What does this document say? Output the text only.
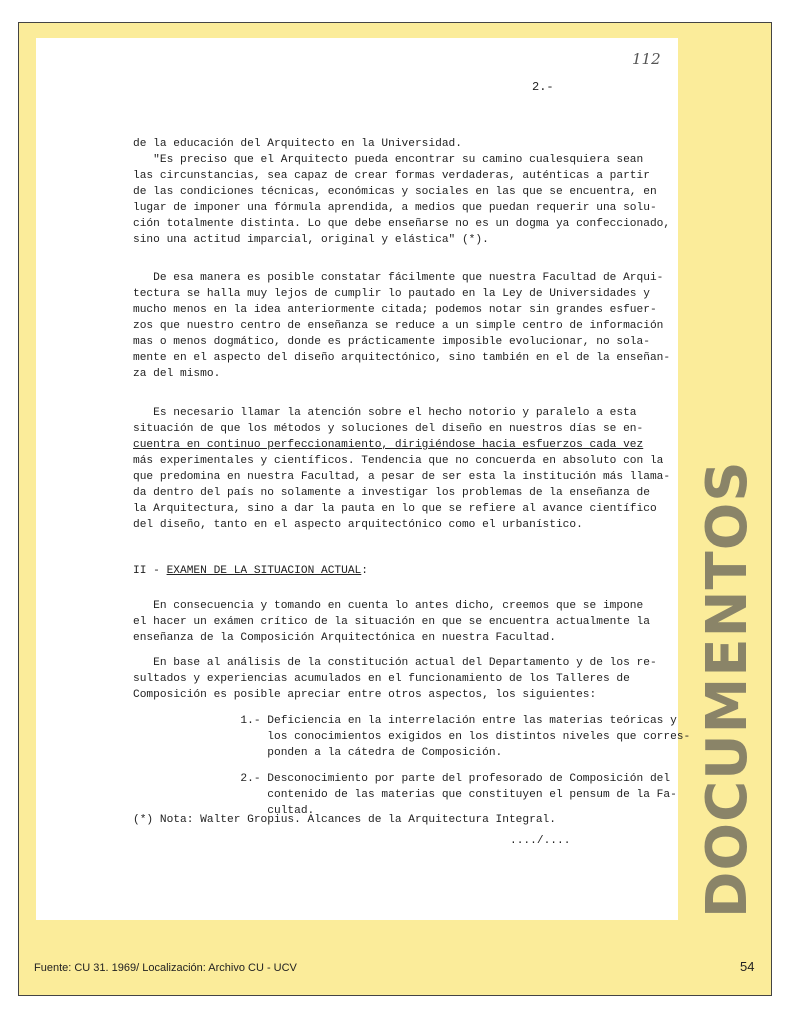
112
2.-

de la educación del Arquitecto en la Universidad.
"Es preciso que el Arquitecto pueda encontrar su camino cualesquiera sean
las circunstancias, sea capaz de crear formas verdaderas, auténticas a partir
de las condiciones técnicas, económicas y sociales en las que se encuentra, en
lugar de imponer una fórmula aprendida, a medios que puedan requerir una solu-
ción totalmente distinta. Lo que debe enseñarse no es un dogma ya confeccionado,
sino una actitud imparcial, original y elástica" (*).

De esa manera es posible constatar fácilmente que nuestra Facultad de Arqui-
tectura se halla muy lejos de cumplir lo pautado en la Ley de Universidades y
mucho menos en la idea anteriormente citada; podemos notar sin grandes esfuer-
zos que nuestro centro de enseñanza se reduce a un simple centro de información
mas o menos dogmático, donde es prácticamente imposible evolucionar, no sola-
mente en el aspecto del diseño arquitectónico, sino también en el de la enseñan-
za del mismo.

Es necesario llamar la atención sobre el hecho notorio y paralelo a esta
situación de que los métodos y soluciones del diseño en nuestros días se en-
cuentra en continuo perfeccionamiento, dirigiéndose hacia esfuerzos cada vez
más experimentales y científicos. Tendencia que no concuerda en absoluto con la
que predomina en nuestra Facultad, a pesar de ser esta la institución más llama-
da dentro del país no solamente a investigar los problemas de la enseñanza de
la Arquitectura, sino a dar la pauta en lo que se refiere al avance científico
del diseño, tanto en el aspecto arquitectónico como el urbanístico.
II - EXAMEN DE LA SITUACION ACTUAL:

En consecuencia y tomando en cuenta lo antes dicho, creemos que se impone
el hacer un exámen crítico de la situación en que se encuentra actualmente la
enseñanza de la Composición Arquitectónica en nuestra Facultad.

En base al análisis de la constitución actual del Departamento y de los re-
sultados y experiencias acumulados en el funcionamiento de los Talleres de
Composición es posible apreciar entre otros aspectos, los siguientes:

1.- Deficiencia en la interrelación entre las materias teóricas y
los conocimientos exigidos en los distintos niveles que corres-
ponden a la cátedra de Composición.

2.- Desconocimiento por parte del profesorado de Composición del
contenido de las materias que constituyen el pensum de la Fa-
cultad.
(*) Nota: Walter Gropius. Alcances de la Arquitectura Integral.
..../.... DOCUMENTOS
Fuente: CU 31. 1969/ Localización: Archivo CU - UCV	54
